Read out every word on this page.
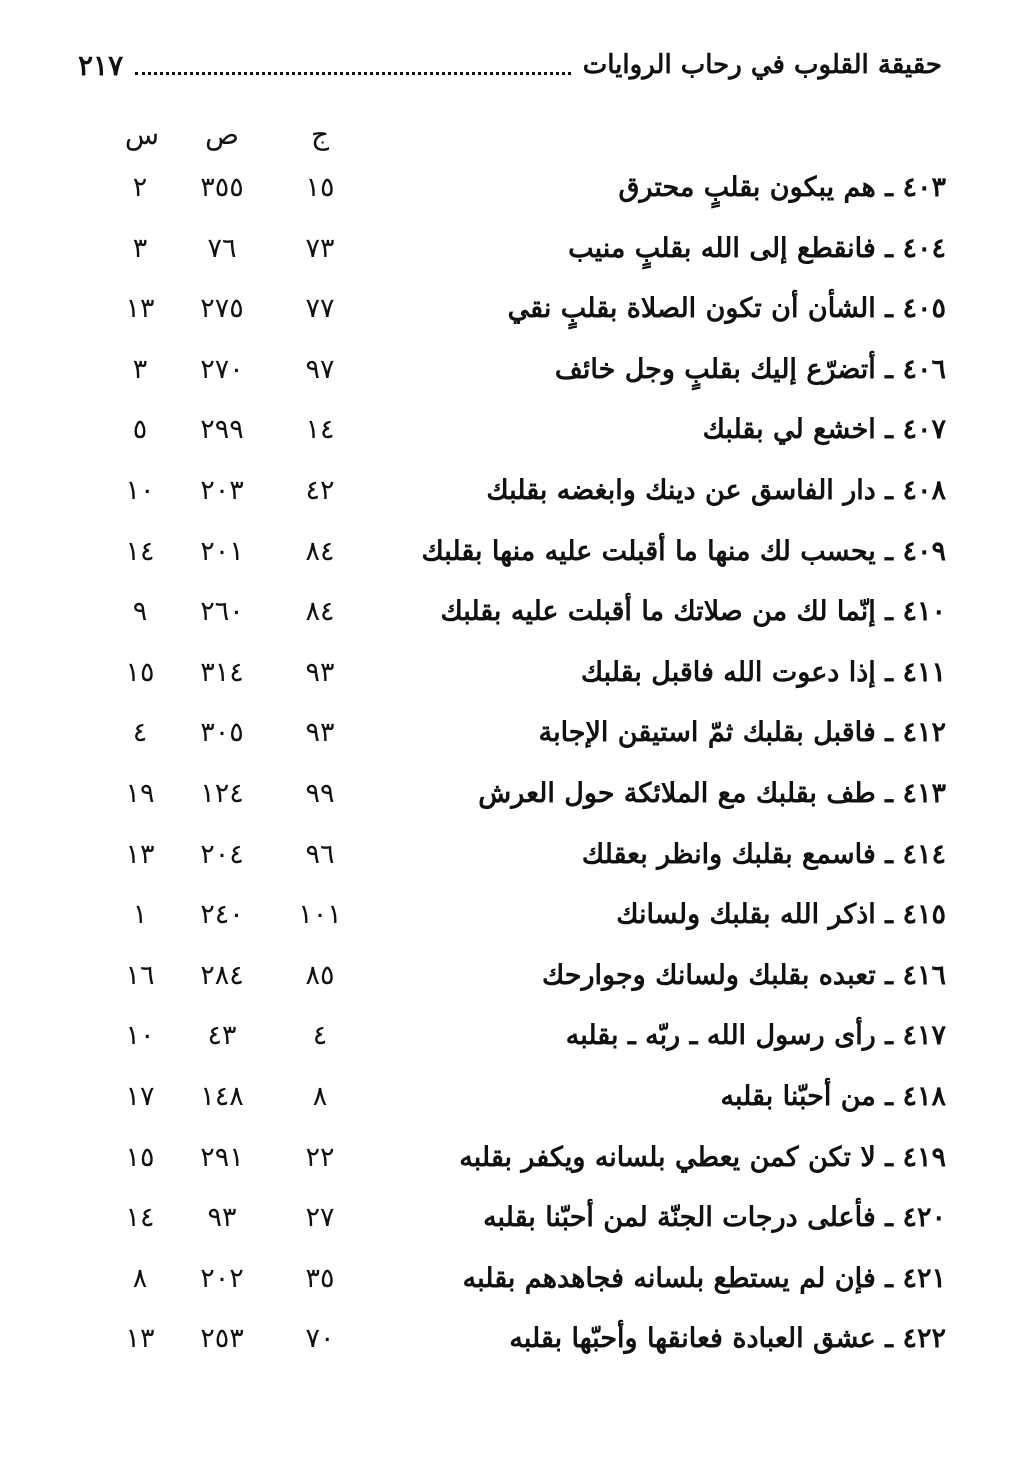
حقيقة القلوب في رحاب الروايات
٢١٧
ج
ص
س
٤٠٣ ـ هم يبكون بقلبٍ محترق
١٥
٣٥٥
٢
٤٠٤ ـ فانقطع إلى الله بقلبٍ منيب
٧٣
٧٦
٣
٤٠٥ ـ الشأن أن تكون الصلاة بقلبٍ نقي
٧٧
٢٧٥
١٣
٤٠٦ ـ أتضرّع إليك بقلبٍ وجل خائف
٩٧
٢٧٠
٣
٤٠٧ ـ اخشع لي بقلبك
١٤
٢٩٩
٥
٤٠٨ ـ دار الفاسق عن دينك وابغضه بقلبك
٤٢
٢٠٣
١٠
٤٠٩ ـ يحسب لك منها ما أقبلت عليه منها بقلبك
٨٤
٢٠١
١٤
٤١٠ ـ إنّما لك من صلاتك ما أقبلت عليه بقلبك
٨٤
٢٦٠
٩
٤١١ ـ إذا دعوت الله فاقبل بقلبك
٩٣
٣١٤
١٥
٤١٢ ـ فاقبل بقلبك ثمّ استيقن الإجابة
٩٣
٣٠٥
٤
٤١٣ ـ طف بقلبك مع الملائكة حول العرش
٩٩
١٢٤
١٩
٤١٤ ـ فاسمع بقلبك وانظر بعقلك
٩٦
٢٠٤
١٣
٤١٥ ـ اذكر الله بقلبك ولسانك
١٠١
٢٤٠
١
٤١٦ ـ تعبده بقلبك ولسانك وجوارحك
٨٥
٢٨٤
١٦
٤١٧ ـ رأى رسول الله ـ ربّه ـ بقلبه
٤
٤٣
١٠
٤١٨ ـ من أحبّنا بقلبه
٨
١٤٨
١٧
٤١٩ ـ لا تكن كمن يعطي بلسانه ويكفر بقلبه
٢٢
٢٩١
١٥
٤٢٠ ـ فأعلى درجات الجنّة لمن أحبّنا بقلبه
٢٧
٩٣
١٤
٤٢١ ـ فإن لم يستطع بلسانه فجاهدهم بقلبه
٣٥
٢٠٢
٨
٤٢٢ ـ عشق العبادة فعانقها وأحبّها بقلبه
٧٠
٢٥٣
١٣
